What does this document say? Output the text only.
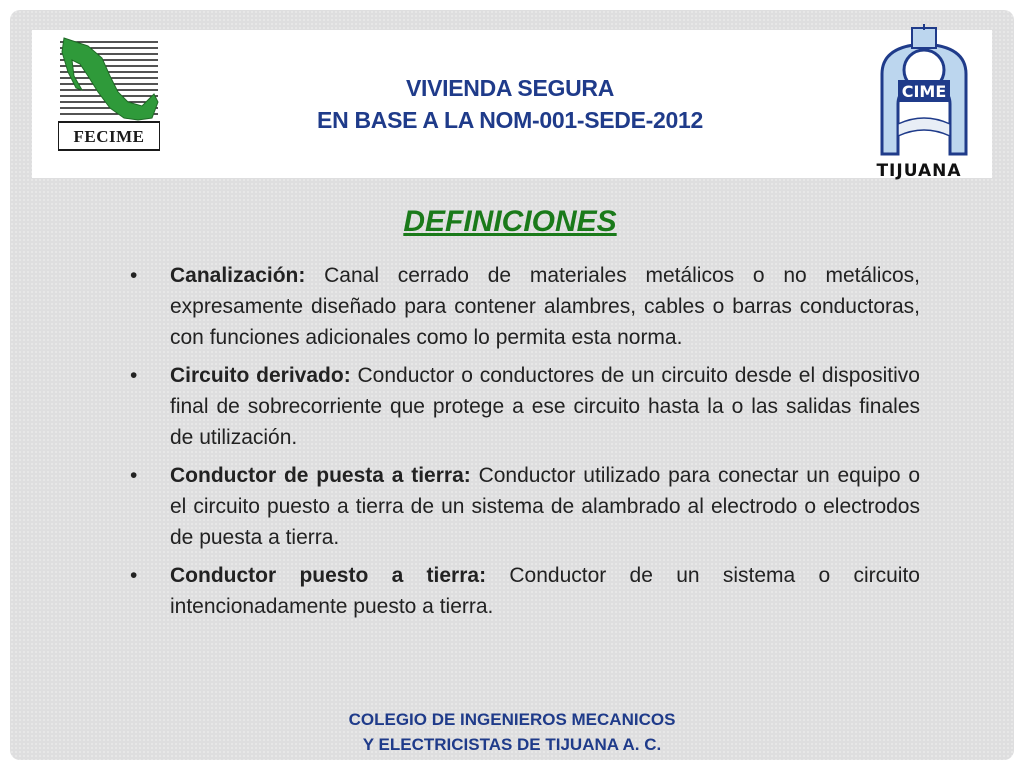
FECIME
VIVIENDA SEGURA
EN BASE A LA NOM-001-SEDE-2012
CIME
TIJUANA
DEFINICIONES
• Canalización: Canal cerrado de materiales metálicos o no metálicos, expresamente diseñado para contener alambres, cables o barras conductoras, con funciones adicionales como lo permita esta norma.
• Circuito derivado: Conductor o conductores de un circuito desde el dispositivo final de sobrecorriente que protege a ese circuito hasta la o las salidas finales de utilización.
• Conductor de puesta a tierra: Conductor utilizado para conectar un equipo o el circuito puesto a tierra de un sistema de alambrado al electrodo o electrodos de puesta a tierra.
• Conductor puesto a tierra: Conductor de un sistema o circuito intencionadamente puesto a tierra.
COLEGIO DE INGENIEROS MECANICOS
Y ELECTRICISTAS DE TIJUANA A. C.
